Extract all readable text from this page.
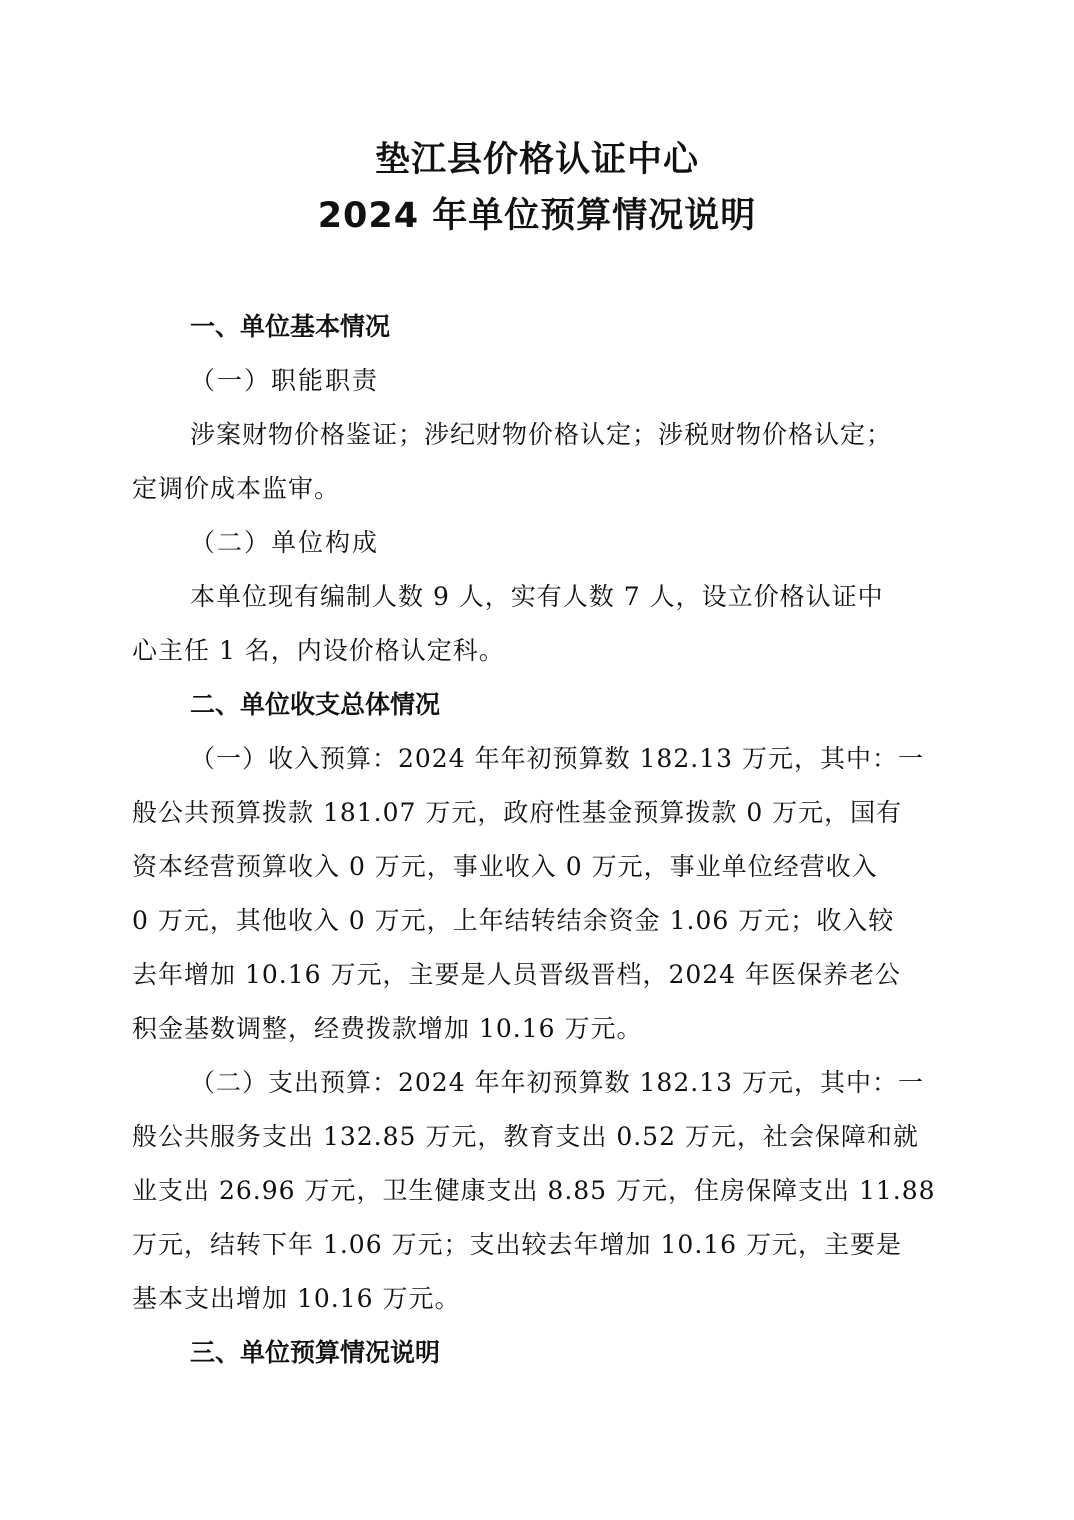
垫江县价格认证中心
2024 年单位预算情况说明

一、单位基本情况

（一）职能职责

涉案财物价格鉴证；涉纪财物价格认定；涉税财物价格认定；
定调价成本监审。

（二）单位构成

本单位现有编制人数 9 人，实有人数 7 人，设立价格认证中
心主任 1 名，内设价格认定科。

二、单位收支总体情况

（一）收入预算：2024 年年初预算数 182.13 万元，其中：一
般公共预算拨款 181.07 万元，政府性基金预算拨款 0 万元，国有
资本经营预算收入 0 万元，事业收入 0 万元，事业单位经营收入
0 万元，其他收入 0 万元，上年结转结余资金 1.06 万元；收入较
去年增加 10.16 万元，主要是人员晋级晋档，2024 年医保养老公
积金基数调整，经费拨款增加 10.16 万元。
（二）支出预算：2024 年年初预算数 182.13 万元，其中：一
般公共服务支出 132.85 万元，教育支出 0.52 万元，社会保障和就
业支出 26.96 万元，卫生健康支出 8.85 万元，住房保障支出 11.88
万元，结转下年 1.06 万元；支出较去年增加 10.16 万元，主要是
基本支出增加 10.16 万元。

三、单位预算情况说明
